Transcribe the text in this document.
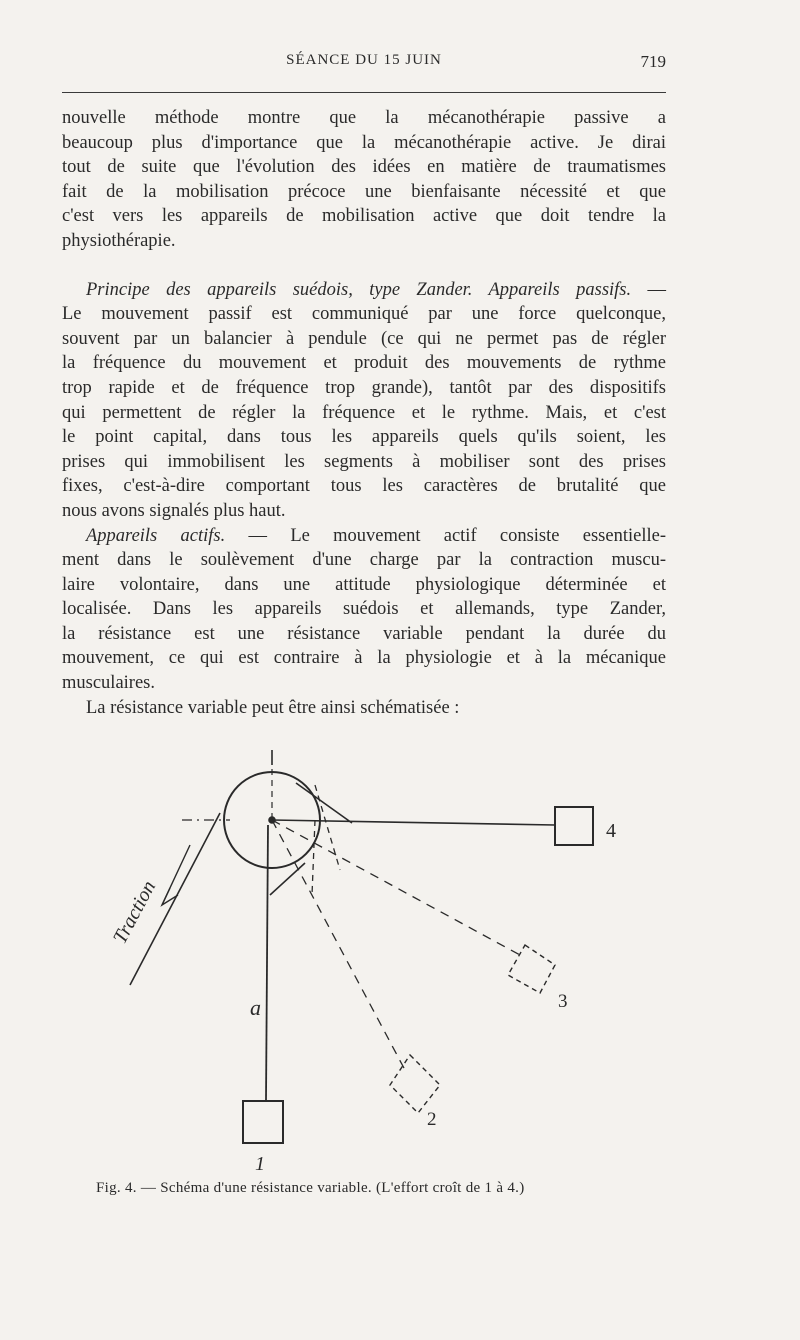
SÉANCE DU 15 JUIN	719

nouvelle méthode montre que la mécanothérapie passive a

beaucoup plus d'importance que la mécanothérapie active. Je dirai

tout de suite que l'évolution des idées en matière de traumatismes

fait de la mobilisation précoce une bienfaisante nécessité et que

c'est vers les appareils de mobilisation active que doit tendre la

physiothérapie.

Principe des appareils suédois, type Zander. Appareils passifs. —

Le mouvement passif est communiqué par une force quelconque,

souvent par un balancier à pendule (ce qui ne permet pas de régler

la fréquence du mouvement et produit des mouvements de rythme

trop rapide et de fréquence trop grande), tantôt par des dispositifs

qui permettent de régler la fréquence et le rythme. Mais, et c'est

le point capital, dans tous les appareils quels qu'ils soient, les

prises qui immobilisent les segments à mobiliser sont des prises

fixes, c'est-à-dire comportant tous les caractères de brutalité que

nous avons signalés plus haut.

Appareils actifs. — Le mouvement actif consiste essentielle-

ment dans le soulèvement d'une charge par la contraction muscu-

laire volontaire, dans une attitude physiologique déterminée et

localisée. Dans les appareils suédois et allemands, type Zander,

la résistance est une résistance variable pendant la durée du

mouvement, ce qui est contraire à la physiologie et à la mécanique

musculaires.

La résistance variable peut être ainsi schématisée :

Traction
4
3
2
a
1
Fig. 4. — Schéma d'une résistance variable. (L'effort croît de 1 à 4.)
